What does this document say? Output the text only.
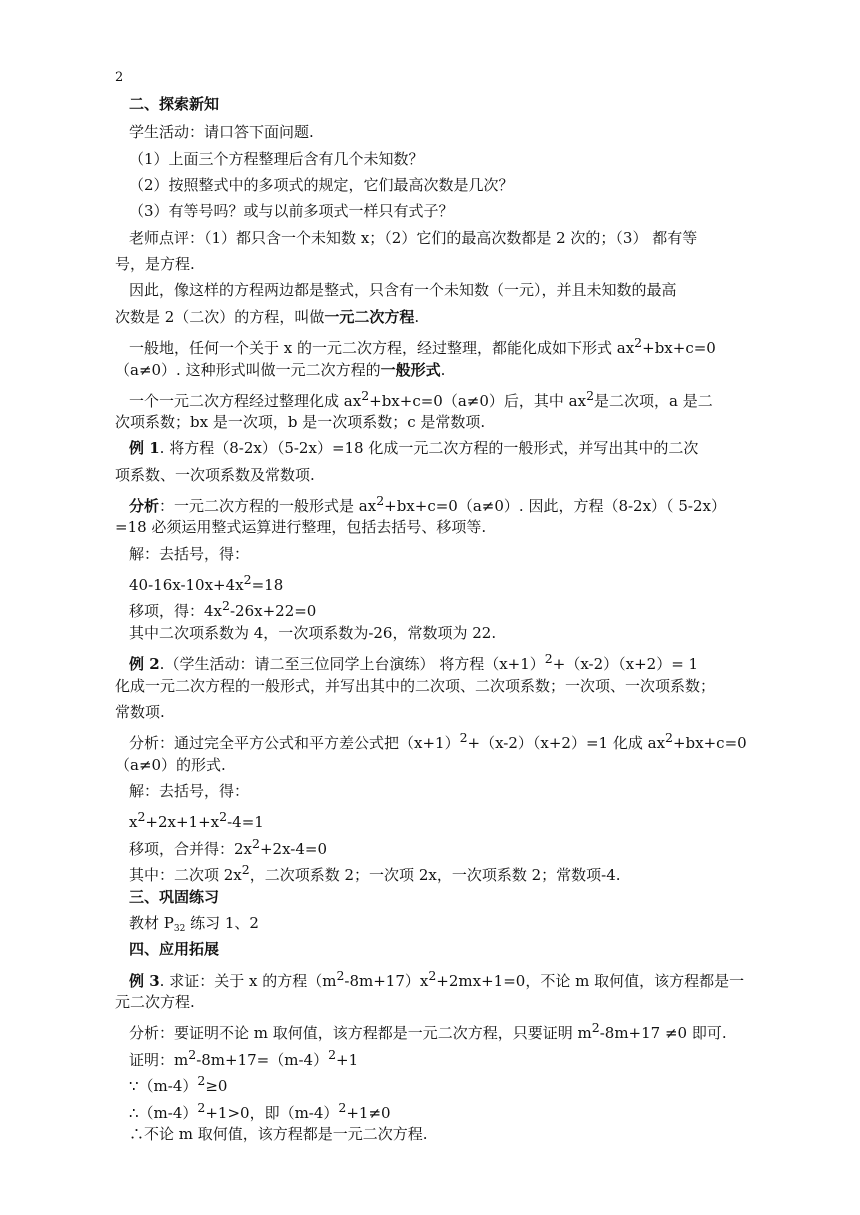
2
二、探索新知
学生活动：请口答下面问题.
（1）上面三个方程整理后含有几个未知数？
（2）按照整式中的多项式的规定，它们最高次数是几次？
（3）有等号吗？或与以前多项式一样只有式子？
老师点评：（1）都只含一个未知数 x；（2）它们的最高次数都是 2 次的；（3） 都有等
号，是方程.
因此，像这样的方程两边都是整式，只含有一个未知数（一元），并且未知数的最高
次数是 2（二次）的方程，叫做一元二次方程.
一般地，任何一个关于 x 的一元二次方程，经过整理，都能化成如下形式 $ax^2+bx+c=0$
（a≠0）. 这种形式叫做一元二次方程的一般形式.
一个一元二次方程经过整理化成 $ax^2+bx+c=0(a\ne 0)$后，其中 $ax^2$是二次项，a 是二
次项系数；bx 是一次项，b 是一次项系数；c 是常数项.
例 1. 将方程（8-2x）（5-2x）=18 化成一元二次方程的一般形式，并写出其中的二次
项系数、一次项系数及常数项.
分析：一元二次方程的一般形式是 $ax^2+bx+c=0(a\ne 0)$. 因此，方程（8-2x）（ 5-2x）
=18 必须运用整式运算进行整理，包括去括号、移项等.
解：去括号，得：
$40-16x-10x+4x^2=18$
移项，得：$4x^2-26x+22=0$
其中二次项系数为 4，一次项系数为-26，常数项为 22.
例 2.（学生活动：请二至三位同学上台演练） 将方程$(x+1)^2+(x-2)(x+2)= 1$
化成一元二次方程的一般形式，并写出其中的二次项、二次项系数；一次项、一次项系数；
常数项.
分析：通过完全平方公式和平方差公式把$(x+1)^2+(x-2)(x+2)=1$ 化成 $ax^2+bx+c=0$
（a≠0）的形式.
解：去括号，得：
$x^2+2x+1+x^2-4=1$
移项，合并得：$2x^2+2x-4=0$
其中：二次项 $2x^2$，二次项系数 2；一次项 2x，一次项系数 2；常数项-4.
三、巩固练习
教材 $P_{32}$ 练习 1、2
四、应用拓展
例 3. 求证：关于 x 的方程$(m^2-8m+17)x^2+2mx+1=0$，不论 m 取何值，该方程都是一
元二次方程.
分析：要证明不论 m 取何值，该方程都是一元二次方程，只要证明 $m^2-8m+17 \ne 0$ 即可.
证明：$m^2-8m+17=(m-4)^2+1$
$\because(m-4)^2\ge 0$
$\therefore(m-4)^2+1>0$，即$(m-4)^2+1\ne 0$
∴不论 m 取何值，该方程都是一元二次方程.
